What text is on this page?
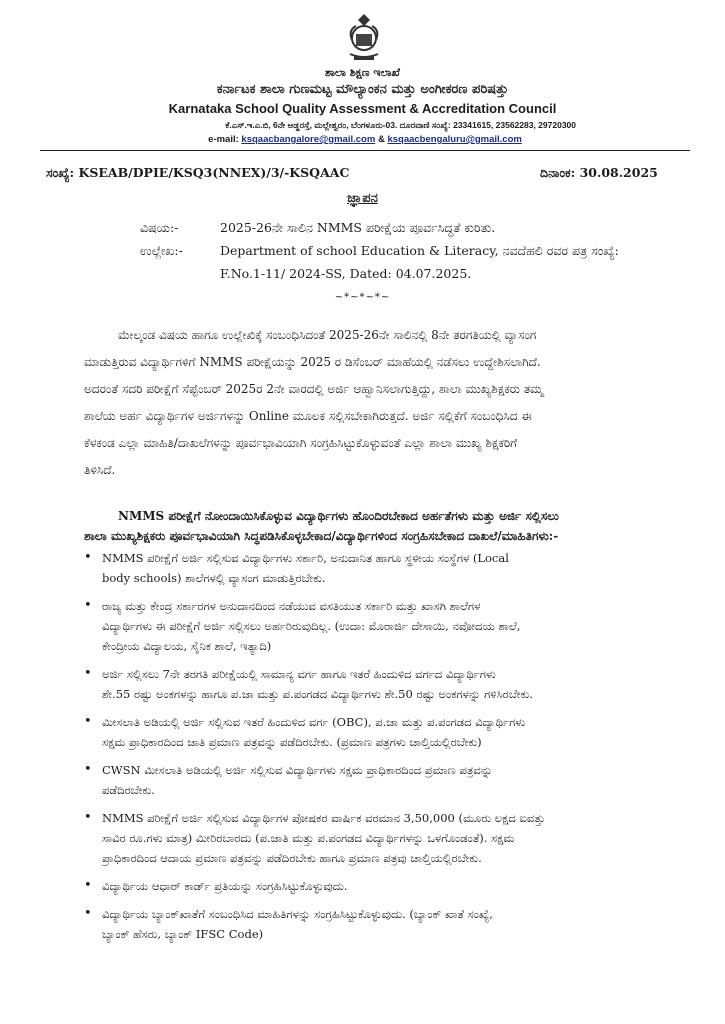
ಶಾಲಾ ಶಿಕ್ಷಣ ಇಲಾಖೆ
ಕರ್ನಾಟಕ ಶಾಲಾ ಗುಣಮಟ್ಟ ಮೌಲ್ಯಾಂಕನ ಮತ್ತು ಅಂಗೀಕರಣ ಪರಿಷತ್ತು
Karnataka School Quality Assessment & Accreditation Council
ಕೆ.ಎಸ್.ಇ.ಎ.ಬಿ, 6ನೇ ಅಡ್ಡರಸ್ತೆ, ಮಲ್ಲೇಶ್ವರಂ, ಬೆಂಗಳೂರು-03. ದೂರವಾಣಿ ಸಂಖ್ಯೆ: 23341615, 23562283, 29720300
e-mail: ksqaacbangalore@gmail.com & ksqaacbengaluru@gmail.com
ಸಂಖ್ಯೆ: KSEAB/DPIE/KSQ3(NNEX)/3/-KSQAAC	ದಿನಾಂಕ: 30.08.2025
ಜ್ಞಾಪನ
ವಿಷಯ:-	2025-26ನೇ ಸಾಲಿನ NMMS ಪರೀಕ್ಷೆಯ ಪೂರ್ವಸಿದ್ಧತೆ ಕುರಿತು.
ಉಲ್ಲೇಖ:-	Department of school Education & Literacy, ನವದೆಹಲಿ ರವರ ಪತ್ರ ಸಂಖ್ಯೆ:
F.No.1-11/ 2024-SS, Dated: 04.07.2025.
~*~*~*~

ಮೇಲ್ಕಂಡ ವಿಷಯ ಹಾಗೂ ಉಲ್ಲೇಖಿಕ್ಕೆ ಸಂಬಂಧಿಸಿದಂತೆ 2025-26ನೇ ಸಾಲಿನಲ್ಲಿ 8ನೇ ತರಗತಿಯಲ್ಲಿ ವ್ಯಾಸಂಗ

ಮಾಡುತ್ತಿರುವ ವಿದ್ಯಾರ್ಥಿಗಳಿಗೆ NMMS ಪರೀಕ್ಷೆಯನ್ನು 2025 ರ ಡಿಸೆಂಬರ್ ಮಾಹೆಯಲ್ಲಿ ನಡೆಸಲು ಉದ್ದೇಶಿಸಲಾಗಿದೆ.

ಅದರಂತೆ ಸದರಿ ಪರೀಕ್ಷೆಗೆ ಸೆಪ್ಟೆಂಬರ್ 2025ರ 2ನೇ ವಾರದಲ್ಲಿ ಅರ್ಜಿ ಆಹ್ವಾನಿಸಲಾಗುತ್ತಿದ್ದು, ಶಾಲಾ ಮುಖ್ಯಶಿಕ್ಷಕರು ತಮ್ಮ

ಶಾಲೆಯ ಅರ್ಹ ವಿದ್ಯಾರ್ಥಿಗಳ ಅರ್ಜಿಗಳನ್ನು Online ಮೂಲಕ ಸಲ್ಲಿಸಬೇಕಾಗಿರುತ್ತದೆ. ಅರ್ಜಿ ಸಲ್ಲಿಕೆಗೆ ಸಂಬಂಧಿಸಿದ ಈ

ಕೆಳಕಂಡ ಎಲ್ಲಾ ಮಾಹಿತಿ/ದಾಖಲೆಗಳನ್ನು ಪೂರ್ವಭಾವಿಯಾಗಿ ಸಂಗ್ರಹಿಸಿಟ್ಟುಕೊಳ್ಳುವಂತೆ ಎಲ್ಲಾ ಶಾಲಾ ಮುಖ್ಯ ಶಿಕ್ಷಕರಿಗೆ

ತಿಳಿಸಿದೆ.

NMMS ಪರೀಕ್ಷೆಗೆ ನೋಂದಾಯಿಸಿಕೊಳ್ಳುವ ವಿದ್ಯಾರ್ಥಿಗಳು ಹೊಂದಿರಬೇಕಾದ ಅರ್ಹತೆಗಳು ಮತ್ತು ಅರ್ಜಿ ಸಲ್ಲಿಸಲು

ಶಾಲಾ ಮುಖ್ಯಶಿಕ್ಷಕರು ಪೂರ್ವಭಾವಿಯಾಗಿ ಸಿದ್ಧಪಡಿಸಿಕೊಳ್ಳಬೇಕಾದ/ವಿದ್ಯಾರ್ಥಿಗಳಿಂದ ಸಂಗ್ರಹಿಸಬೇಕಾದ ದಾಖಲೆ/ಮಾಹಿತಿಗಳು:-

• NMMS ಪರೀಕ್ಷೆಗೆ ಅರ್ಜಿ ಸಲ್ಲಿಸುವ ವಿದ್ಯಾರ್ಥಿಗಳು ಸರ್ಕಾರಿ, ಅನುದಾನಿತ ಹಾಗೂ ಸ್ಥಳೀಯ ಸಂಸ್ಥೆಗಳ (Local
body schools) ಶಾಲೆಗಳಲ್ಲಿ ವ್ಯಾಸಂಗ ಮಾಡುತ್ತಿರಬೇಕು.
• ರಾಜ್ಯ ಮತ್ತು ಕೇಂದ್ರ ಸರ್ಕಾರಗಳ ಅನುದಾನದಿಂದ ನಡೆಯುವ ವಸತಿಯುತ ಸರ್ಕಾರಿ ಮತ್ತು ಖಾಸಗಿ ಶಾಲೆಗಳ
ವಿದ್ಯಾರ್ಥಿಗಳು ಈ ಪರೀಕ್ಷೆಗೆ ಅರ್ಜಿ ಸಲ್ಲಿಸಲು ಅರ್ಹರಿರುವುದಿಲ್ಲ. (ಉದಾ: ಮೊರಾರ್ಜಿ ದೇಸಾಯಿ, ನವೋದಯ ಶಾಲೆ,
ಕೇಂದ್ರೀಯ ವಿದ್ಯಾಲಯ, ಸೈನಿಕ ಶಾಲೆ, ಇತ್ಯಾದಿ)
• ಅರ್ಜಿ ಸಲ್ಲಿಸಲು 7ನೇ ತರಗತಿ ಪರೀಕ್ಷೆಯಲ್ಲಿ ಸಾಮಾನ್ಯ ವರ್ಗ ಹಾಗೂ ಇತರೆ ಹಿಂದುಳಿದ ವರ್ಗದ ವಿದ್ಯಾರ್ಥಿಗಳು
ಶೇ.55 ರಷ್ಟು ಅಂಕಗಳನ್ನು ಹಾಗೂ ಪ.ಜಾ ಮತ್ತು ಪ.ಪಂಗಡದ ವಿದ್ಯಾರ್ಥಿಗಳು ಶೇ.50 ರಷ್ಟು ಅಂಕಗಳನ್ನು ಗಳಿಸಿರಬೇಕು.
• ಮೀಸಲಾತಿ ಅಡಿಯಲ್ಲಿ ಅರ್ಜಿ ಸಲ್ಲಿಸುವ ಇತರೆ ಹಿಂದುಳಿದ ವರ್ಗ (OBC), ಪ.ಜಾ ಮತ್ತು ಪ.ಪಂಗಡದ ವಿದ್ಯಾರ್ಥಿಗಳು
ಸಕ್ಷಮ ಪ್ರಾಧಿಕಾರದಿಂದ ಜಾತಿ ಪ್ರಮಾಣ ಪತ್ರವನ್ನು ಪಡೆದಿರಬೇಕು. (ಪ್ರಮಾಣ ಪತ್ರಗಳು ಚಾಲ್ತಿಯಲ್ಲಿರಬೇಕು)
• CWSN ಮೀಸಲಾತಿ ಅಡಿಯಲ್ಲಿ ಅರ್ಜಿ ಸಲ್ಲಿಸುವ ವಿದ್ಯಾರ್ಥಿಗಳು ಸಕ್ಷಮ ಪ್ರಾಧಿಕಾರದಿಂದ ಪ್ರಮಾಣ ಪತ್ರವನ್ನು
ಪಡೆದಿರಬೇಕು.
• NMMS ಪರೀಕ್ಷೆಗೆ ಅರ್ಜಿ ಸಲ್ಲಿಸುವ ವಿದ್ಯಾರ್ಥಿಗಳ ಪೋಷಕರ ವಾರ್ಷಿಕ ವರಮಾನ 3,50,000 (ಮೂರು ಲಕ್ಷದ ಐವತ್ತು
ಸಾವಿರ ರೂ.ಗಳು ಮಾತ್ರ) ಮೀರಿರಬಾರದು (ಪ.ಜಾತಿ ಮತ್ತು ಪ.ಪಂಗಡದ ವಿದ್ಯಾರ್ಥಿಗಳನ್ನು ಒಳಗೊಂಡಂತೆ). ಸಕ್ಷಮ
ಪ್ರಾಧಿಕಾರದಿಂದ ಆದಾಯ ಪ್ರಮಾಣ ಪತ್ರವನ್ನು ಪಡೆದಿರಬೇಕು ಹಾಗೂ ಪ್ರಮಾಣ ಪತ್ರವು ಚಾಲ್ತಿಯಲ್ಲಿರಬೇಕು.
• ವಿದ್ಯಾರ್ಥಿಯ ಆಧಾರ್ ಕಾರ್ಡ್ ಪ್ರತಿಯನ್ನು ಸಂಗ್ರಹಿಸಿಟ್ಟುಕೊಳ್ಳುವುದು.
• ವಿದ್ಯಾರ್ಥಿಯ ಬ್ಯಾಂಕ್‌ಖಾತೆಗೆ ಸಂಬಂಧಿಸಿದ ಮಾಹಿತಿಗಳನ್ನು ಸಂಗ್ರಹಿಸಿಟ್ಟುಕೊಳ್ಳುವುದು. (ಬ್ಯಾಂಕ್ ಖಾತೆ ಸಂಖ್ಯೆ,
ಬ್ಯಾಂಕ್ ಹೆಸರು, ಬ್ಯಾಂಕ್ IFSC Code)
